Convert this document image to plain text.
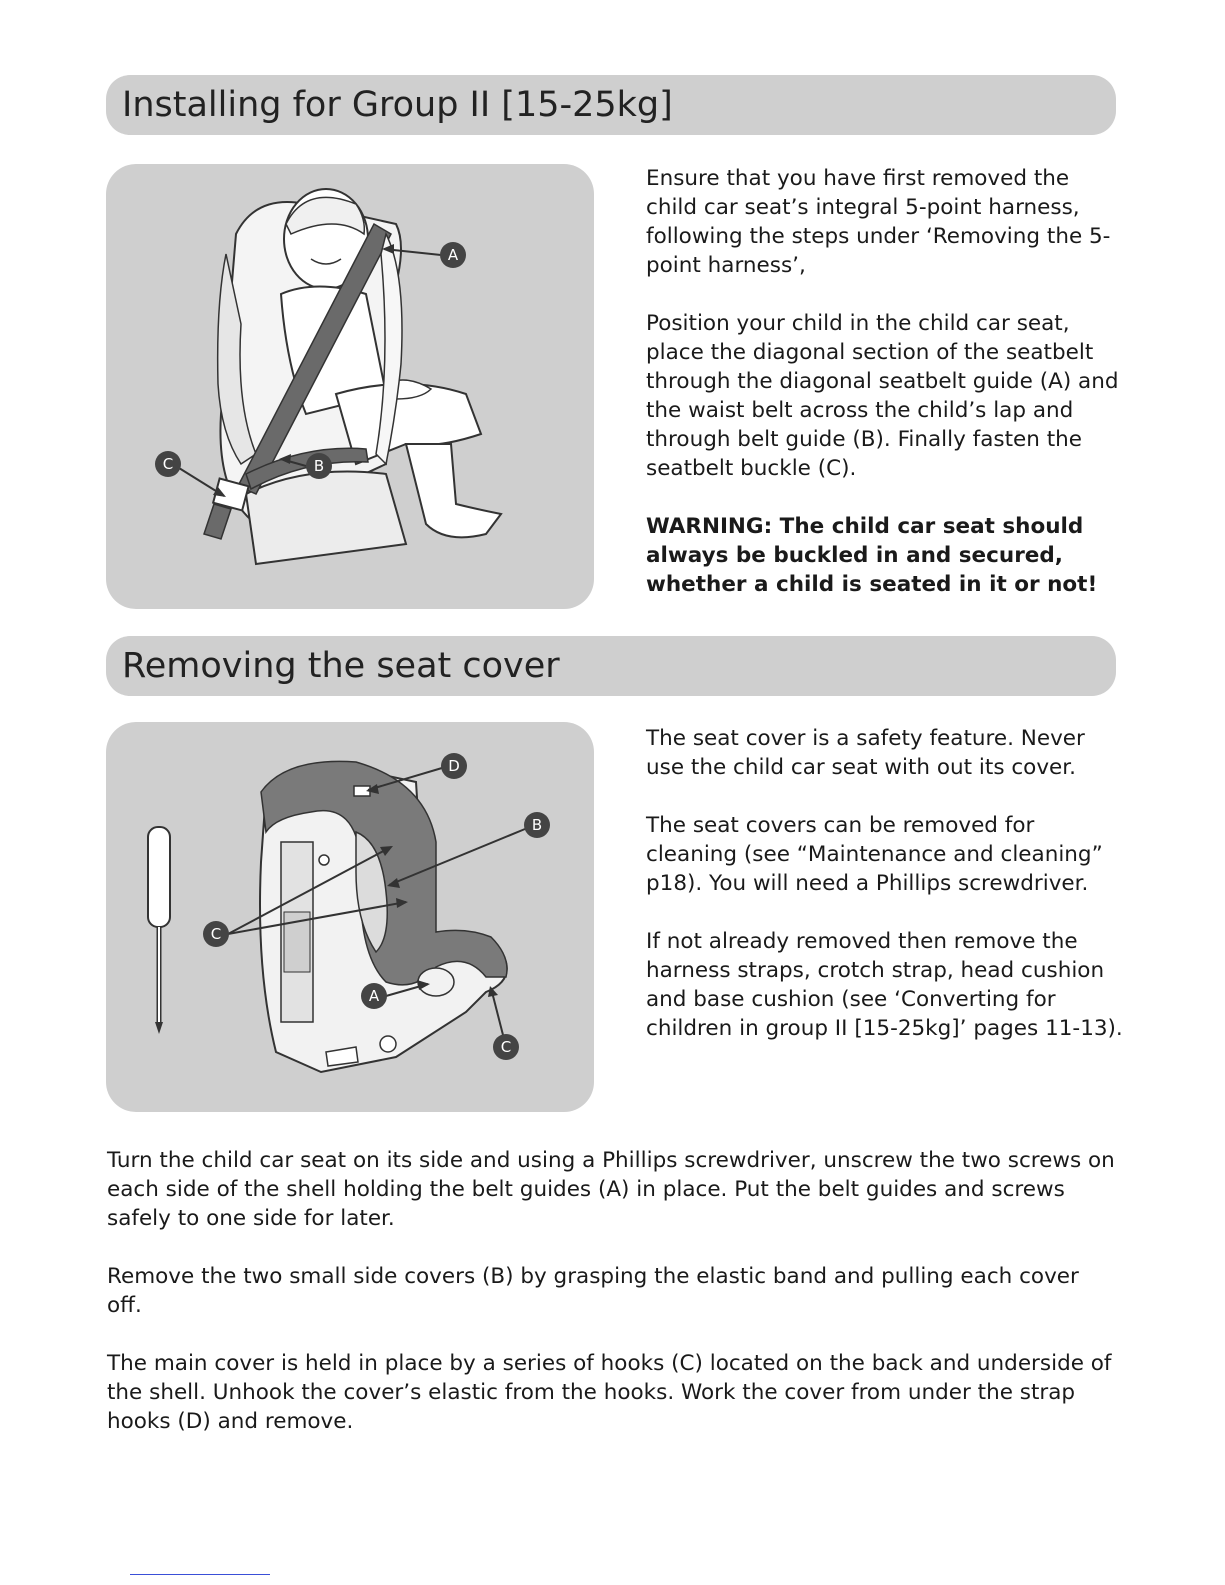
Installing for Group II [15-25kg]
A
B
C

Ensure that you have first removed the child car seat’s integral 5-point harness, following the steps under ‘Removing the 5-point harness’,

Position your child in the child car seat, place the diagonal section of the seatbelt through the diagonal seatbelt guide (A) and the waist belt across the child’s lap and through belt guide (B). Finally fasten the seatbelt buckle (C).

WARNING: The child car seat should always be buckled in and secured, whether a child is seated in it or not!

Removing the seat cover
D
B
C
A
C

The seat cover is a safety feature. Never use the child car seat with out its cover.

The seat covers can be removed for cleaning (see “Maintenance and cleaning” p18). You will need a Phillips screwdriver.

If not already removed then remove the harness straps, crotch strap, head cushion and base cushion (see ‘Converting for children in group II [15-25kg]’ pages 11-13).

Turn the child car seat on its side and using a Phillips screwdriver, unscrew the two screws on each side of the shell holding the belt guides (A) in place. Put the belt guides and screws safely to one side for later.

Remove the two small side covers (B) by grasping the elastic band and pulling each cover off.

The main cover is held in place by a series of hooks (C) located on the back and underside of the shell. Unhook the cover’s elastic from the hooks. Work the cover from under the strap hooks (D) and remove.
